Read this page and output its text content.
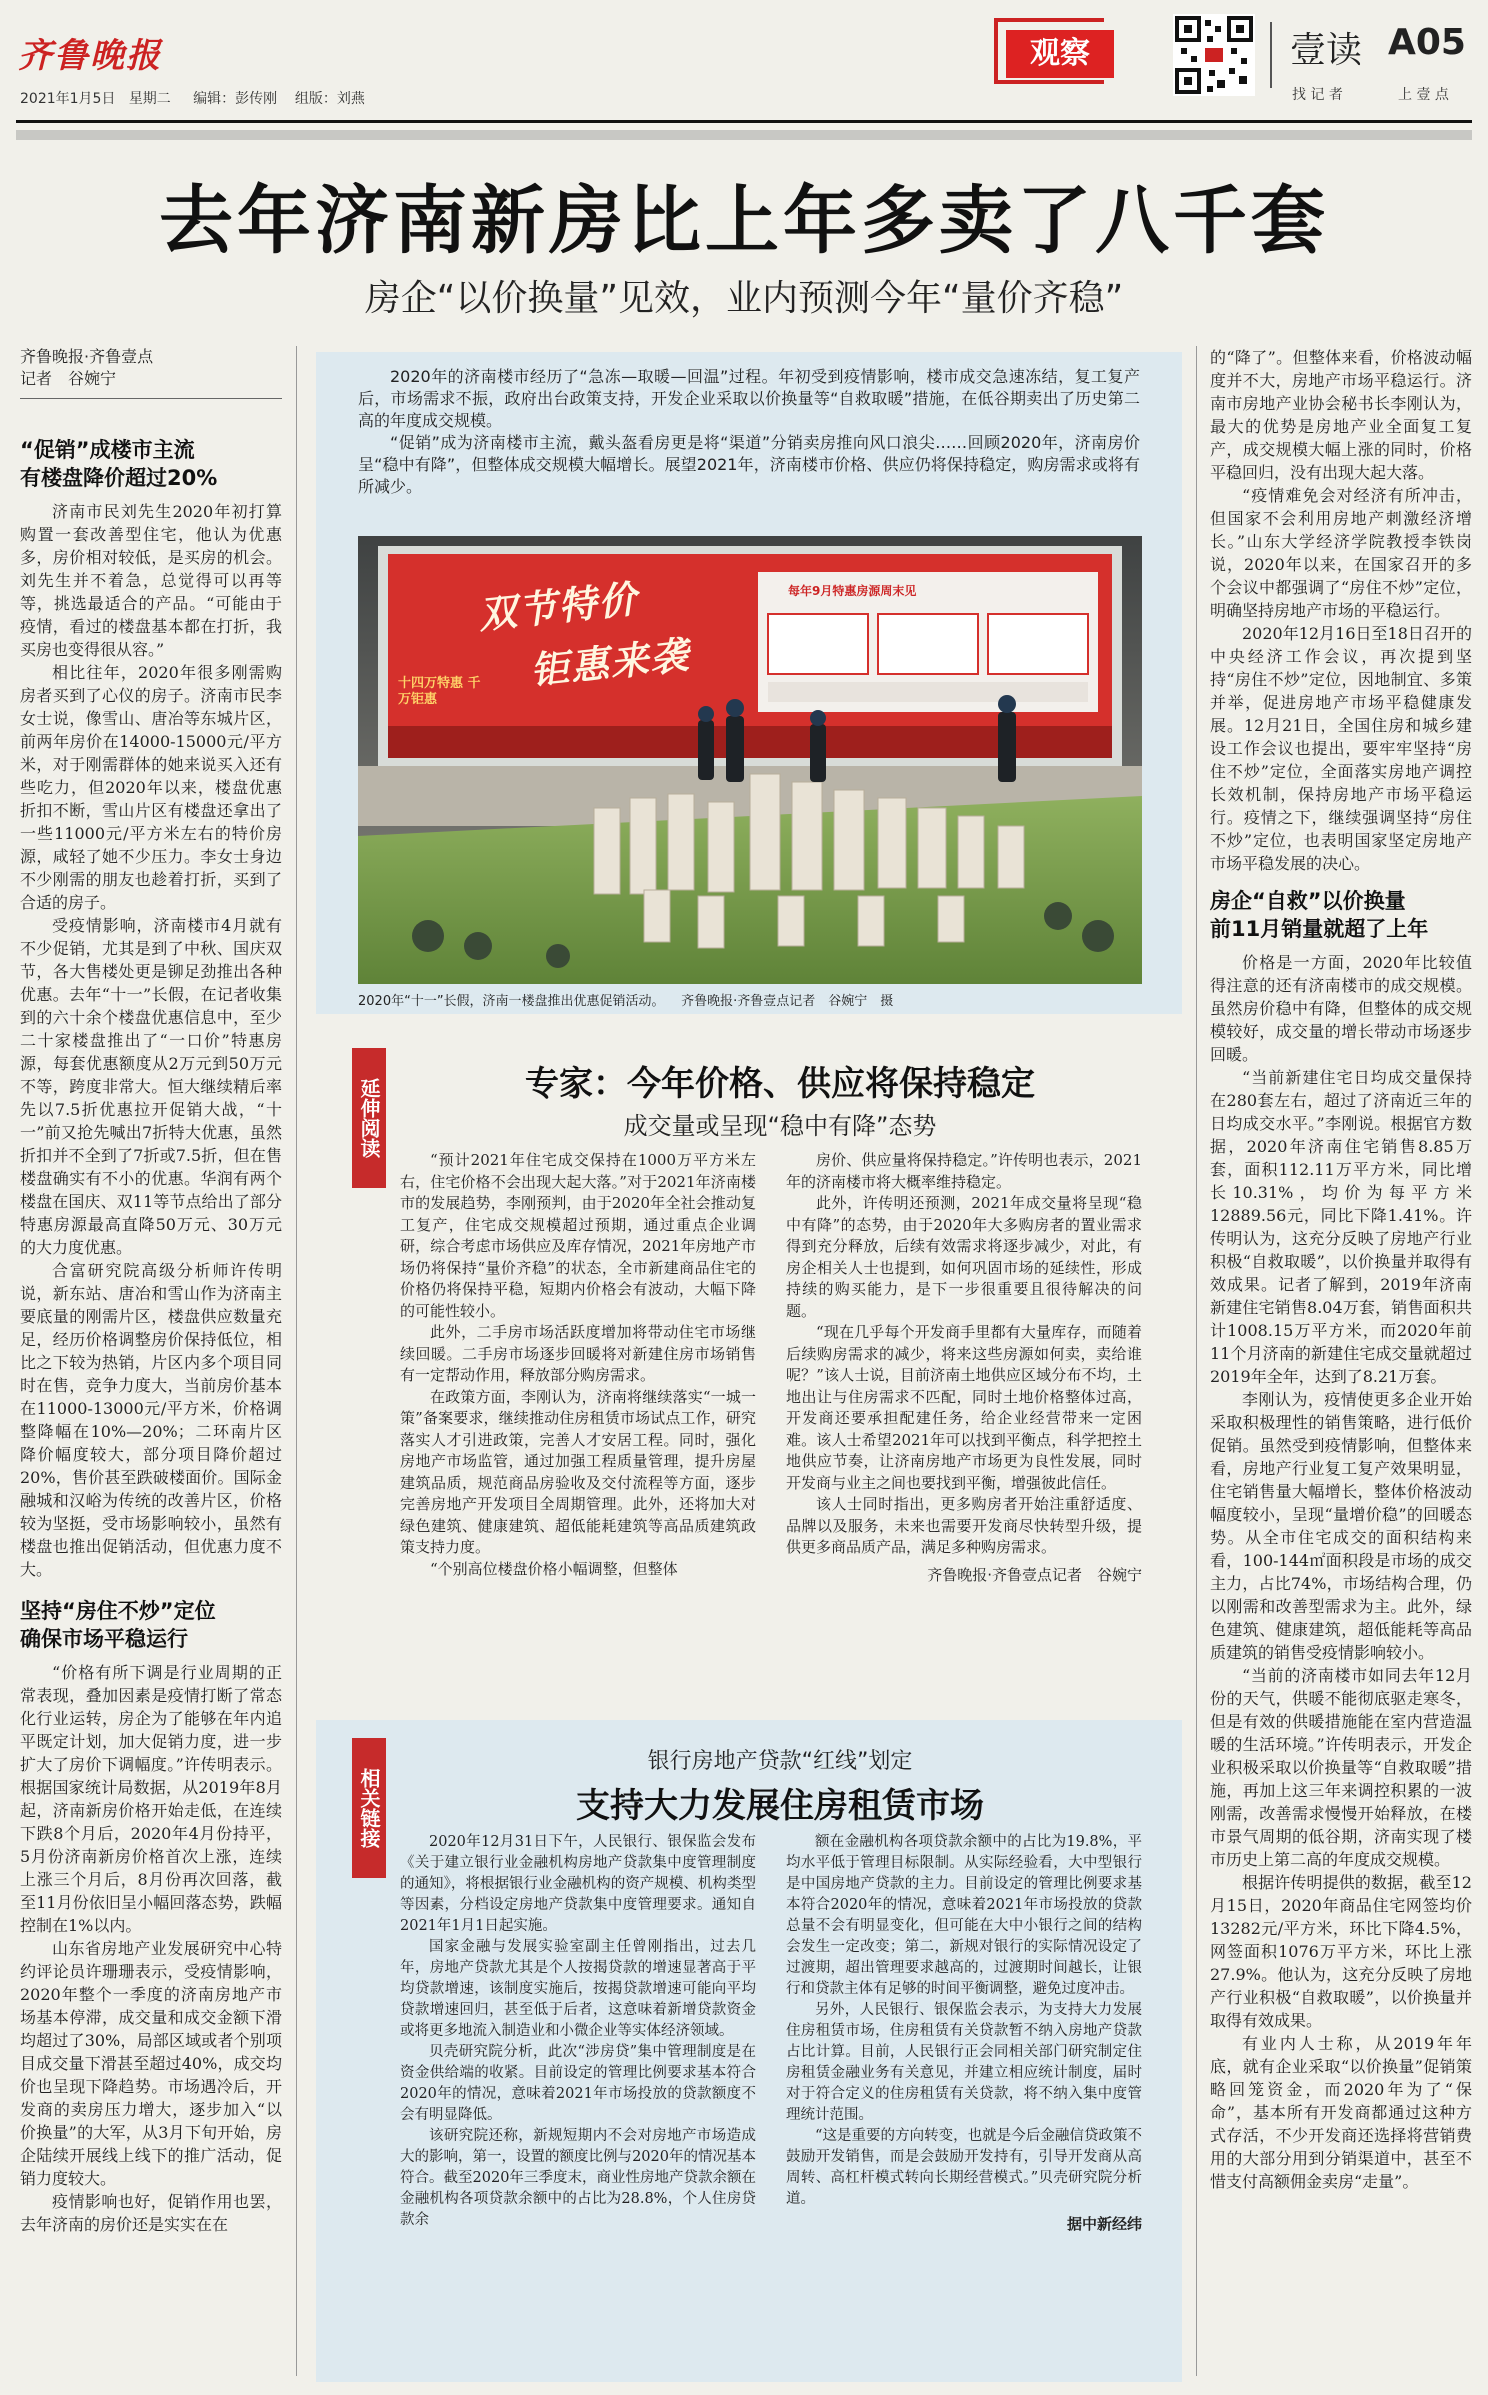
齐鲁晚报
2021年1月5日 星期二 编辑：彭传刚 组版：刘燕
观察	壹读 A05
找 记 者	上 壹 点
去年济南新房比上年多卖了八千套
房企“以价换量”见效，业内预测今年“量价齐稳”
齐鲁晚报·齐鲁壹点
记者　谷婉宁
“促销”成楼市主流
有楼盘降价超过20%

济南市民刘先生2020年初打算购置一套改善型住宅，他认为优惠多，房价相对较低，是买房的机会。刘先生并不着急，总觉得可以再等等，挑选最适合的产品。“可能由于疫情，看过的楼盘基本都在打折，我买房也变得很从容。”

相比往年，2020年很多刚需购房者买到了心仪的房子。济南市民李女士说，像雪山、唐冶等东城片区，前两年房价在14000-15000元/平方米，对于刚需群体的她来说买入还有些吃力，但2020年以来，楼盘优惠折扣不断，雪山片区有楼盘还拿出了一些11000元/平方米左右的特价房源，咸轻了她不少压力。李女士身边不少刚需的朋友也趁着打折，买到了合适的房子。

受疫情影响，济南楼市4月就有不少促销，尤其是到了中秋、国庆双节，各大售楼处更是铆足劲推出各种优惠。去年“十一”长假，在记者收集到的六十余个楼盘优惠信息中，至少二十家楼盘推出了“一口价”特惠房源，每套优惠额度从2万元到50万元不等，跨度非常大。恒大继续精后率先以7.5折优惠拉开促销大战，“十一”前又抢先喊出7折特大优惠，虽然折扣并不全到了7折或7.5折，但在售楼盘确实有不小的优惠。华润有两个楼盘在国庆、双11等节点给出了部分特惠房源最高直降50万元、30万元的大力度优惠。

合富研究院高级分析师许传明说，新东站、唐冶和雪山作为济南主要底量的刚需片区，楼盘供应数量充足，经历价格调整房价保持低位，相比之下较为热销，片区内多个项目同时在售，竞争力度大，当前房价基本在11000-13000元/平方米，价格调整降幅在10%—20%；二环南片区降价幅度较大，部分项目降价超过20%，售价甚至跌破楼面价。国际金融城和汉峪为传统的改善片区，价格较为坚挺，受市场影响较小，虽然有楼盘也推出促销活动，但优惠力度不大。

坚持“房住不炒”定位
确保市场平稳运行

“价格有所下调是行业周期的正常表现，叠加因素是疫情打断了常态化行业运转，房企为了能够在年内追平既定计划，加大促销力度，进一步扩大了房价下调幅度。”许传明表示。根据国家统计局数据，从2019年8月起，济南新房价格开始走低，在连续下跌8个月后，2020年4月份持平，5月份济南新房价格首次上涨，连续上涨三个月后，8月份再次回落，截至11月份依旧呈小幅回落态势，跌幅控制在1%以内。

山东省房地产业发展研究中心特约评论员许珊珊表示，受疫情影响，2020年整个一季度的济南房地产市场基本停滞，成交量和成交金额下滑均超过了30%，局部区域或者个别项目成交量下滑甚至超过40%，成交均价也呈现下降趋势。市场遇冷后，开发商的卖房压力增大，逐步加入“以价换量”的大军，从3月下旬开始，房企陆续开展线上线下的推广活动，促销力度较大。

疫情影响也好，促销作用也罢，去年济南的房价还是实实在在

2020年的济南楼市经历了“急冻—取暖—回温”过程。年初受到疫情影响，楼市成交急速冻结，复工复产后，市场需求不振，政府出台政策支持，开发企业采取以价换量等“自救取暖”措施，在低谷期卖出了历史第二高的年度成交规模。

“促销”成为济南楼市主流，戴头盔看房更是将“渠道”分销卖房推向风口浪尖……回顾2020年，济南房价呈“稳中有降”，但整体成交规模大幅增长。展望2021年，济南楼市价格、供应仍将保持稳定，购房需求或将有所减少。

双节特价
钜惠来袭
十四万特惠 千万钜惠
每年9月特惠房源周末见
2020年“十一”长假，济南一楼盘推出优惠促销活动。 齐鲁晚报·齐鲁壹点记者　谷婉宁　摄
延伸阅读	专家：今年价格、供应将保持稳定
成交量或呈现“稳中有降”态势

“预计2021年住宅成交保持在1000万平方米左右，住宅价格不会出现大起大落。”对于2021年济南楼市的发展趋势，李刚预判，由于2020年全社会推动复工复产，住宅成交规模超过预期，通过重点企业调研，综合考虑市场供应及库存情况，2021年房地产市场仍将保持“量价齐稳”的状态，全市新建商品住宅的价格仍将保持平稳，短期内价格会有波动，大幅下降的可能性较小。

此外，二手房市场活跃度增加将带动住宅市场继续回暖。二手房市场逐步回暖将对新建住房市场销售有一定帮动作用，释放部分购房需求。

在政策方面，李刚认为，济南将继续落实“一城一策”备案要求，继续推动住房租赁市场试点工作，研究落实人才引进政策，完善人才安居工程。同时，强化房地产市场监管，通过加强工程质量管理，提升房屋建筑品质，规范商品房验收及交付流程等方面，逐步完善房地产开发项目全周期管理。此外，还将加大对绿色建筑、健康建筑、超低能耗建筑等高品质建筑政策支持力度。

“个别高位楼盘价格小幅调整，但整体

房价、供应量将保持稳定。”许传明也表示，2021年的济南楼市将大概率维持稳定。

此外，许传明还预测，2021年成交量将呈现“稳中有降”的态势，由于2020年大多购房者的置业需求得到充分释放，后续有效需求将逐步减少，对此，有房企相关人士也提到，如何巩固市场的延续性，形成持续的购买能力，是下一步很重要且很待解决的问题。

“现在几乎每个开发商手里都有大量库存，而随着后续购房需求的减少，将来这些房源如何卖，卖给谁呢？”该人士说，目前济南土地供应区域分布不均，土地出让与住房需求不匹配，同时土地价格整体过高，开发商还要承担配建任务，给企业经营带来一定困难。该人士希望2021年可以找到平衡点，科学把控土地供应节奏，让济南房地产市场更为良性发展，同时开发商与业主之间也要找到平衡，增强彼此信任。

该人士同时指出，更多购房者开始注重舒适度、品牌以及服务，未来也需要开发商尽快转型升级，提供更多商品质产品，满足多种购房需求。

齐鲁晚报·齐鲁壹点记者　谷婉宁
相关链接
银行房地产贷款“红线”划定
支持大力发展住房租赁市场

2020年12月31日下午，人民银行、银保监会发布《关于建立银行业金融机构房地产贷款集中度管理制度的通知》，将根据银行业金融机构的资产规模、机构类型等因素，分档设定房地产贷款集中度管理要求。通知自2021年1月1日起实施。

国家金融与发展实验室副主任曾刚指出，过去几年，房地产贷款尤其是个人按揭贷款的增速显著高于平均贷款增速，该制度实施后，按揭贷款增速可能向平均贷款增速回归，甚至低于后者，这意味着新增贷款资金或将更多地流入制造业和小微企业等实体经济领域。

贝壳研究院分析，此次“涉房贷”集中管理制度是在资金供给端的收紧。目前设定的管理比例要求基本符合2020年的情况，意味着2021年市场投放的贷款额度不会有明显降低。

该研究院还称，新规短期内不会对房地产市场造成大的影响，第一，设置的额度比例与2020年的情况基本符合。截至2020年三季度末，商业性房地产贷款余额在金融机构各项贷款余额中的占比为28.8%，个人住房贷款余

额在金融机构各项贷款余额中的占比为19.8%，平均水平低于管理目标限制。从实际经验看，大中型银行是中国房地产贷款的主力。目前设定的管理比例要求基本符合2020年的情况，意味着2021年市场投放的贷款总量不会有明显变化，但可能在大中小银行之间的结构会发生一定改变；第二，新规对银行的实际情况设定了过渡期，超出管理要求越高的，过渡期时间越长，让银行和贷款主体有足够的时间平衡调整，避免过度冲击。

另外，人民银行、银保监会表示，为支持大力发展住房租赁市场，住房租赁有关贷款暂不纳入房地产贷款占比计算。目前，人民银行正会同相关部门研究制定住房租赁金融业务有关意见，并建立相应统计制度，届时对于符合定义的住房租赁有关贷款，将不纳入集中度管理统计范围。

“这是重要的方向转变，也就是今后金融信贷政策不鼓励开发销售，而是会鼓励开发持有，引导开发商从高周转、高杠杆模式转向长期经营模式。”贝壳研究院分析道。

据中新经纬

的“降了”。但整体来看，价格波动幅度并不大，房地产市场平稳运行。济南市房地产业协会秘书长李刚认为，最大的优势是房地产业全面复工复产，成交规模大幅上涨的同时，价格平稳回归，没有出现大起大落。

“疫情难免会对经济有所冲击，但国家不会利用房地产刺激经济增长。”山东大学经济学院教授李铁岗说，2020年以来，在国家召开的多个会议中都强调了“房住不炒”定位，明确坚持房地产市场的平稳运行。

2020年12月16日至18日召开的中央经济工作会议，再次提到坚持“房住不炒”定位，因地制宜、多策并举，促进房地产市场平稳健康发展。12月21日，全国住房和城乡建设工作会议也提出，要牢牢坚持“房住不炒”定位，全面落实房地产调控长效机制，保持房地产市场平稳运行。疫情之下，继续强调坚持“房住不炒”定位，也表明国家坚定房地产市场平稳发展的决心。

房企“自救”以价换量
前11月销量就超了上年

价格是一方面，2020年比较值得注意的还有济南楼市的成交规模。虽然房价稳中有降，但整体的成交规模较好，成交量的增长带动市场逐步回暖。

“当前新建住宅日均成交量保持在280套左右，超过了济南近三年的日均成交水平。”李刚说。根据官方数据，2020年济南住宅销售8.85万套，面积112.11万平方米，同比增长10.31%，均价为每平方米12889.56元，同比下降1.41%。许传明认为，这充分反映了房地产行业积极“自救取暖”，以价换量并取得有效成果。记者了解到，2019年济南新建住宅销售8.04万套，销售面积共计1008.15万平方米，而2020年前11个月济南的新建住宅成交量就超过2019年全年，达到了8.21万套。

李刚认为，疫情使更多企业开始采取积极理性的销售策略，进行低价促销。虽然受到疫情影响，但整体来看，房地产行业复工复产效果明显，住宅销售量大幅增长，整体价格波动幅度较小，呈现“量增价稳”的回暖态势。从全市住宅成交的面积结构来看，100-144㎡面积段是市场的成交主力，占比74%，市场结构合理，仍以刚需和改善型需求为主。此外，绿色建筑、健康建筑，超低能耗等高品质建筑的销售受疫情影响较小。

“当前的济南楼市如同去年12月份的天气，供暖不能彻底驱走寒冬，但是有效的供暖措施能在室内营造温暖的生活环境。”许传明表示，开发企业积极采取以价换量等“自救取暖”措施，再加上这三年来调控积累的一波刚需，改善需求慢慢开始释放，在楼市景气周期的低谷期，济南实现了楼市历史上第二高的年度成交规模。

根据许传明提供的数据，截至12月15日，2020年商品住宅网签均价13282元/平方米，环比下降4.5%，网签面积1076万平方米，环比上涨27.9%。他认为，这充分反映了房地产行业积极“自救取暖”，以价换量并取得有效成果。

有业内人士称，从2019年年底，就有企业采取“以价换量”促销策略回笼资金，而2020年为了“保命”，基本所有开发商都通过这种方式存活，不少开发商还选择将营销费用的大部分用到分销渠道中，甚至不惜支付高额佣金卖房“走量”。
